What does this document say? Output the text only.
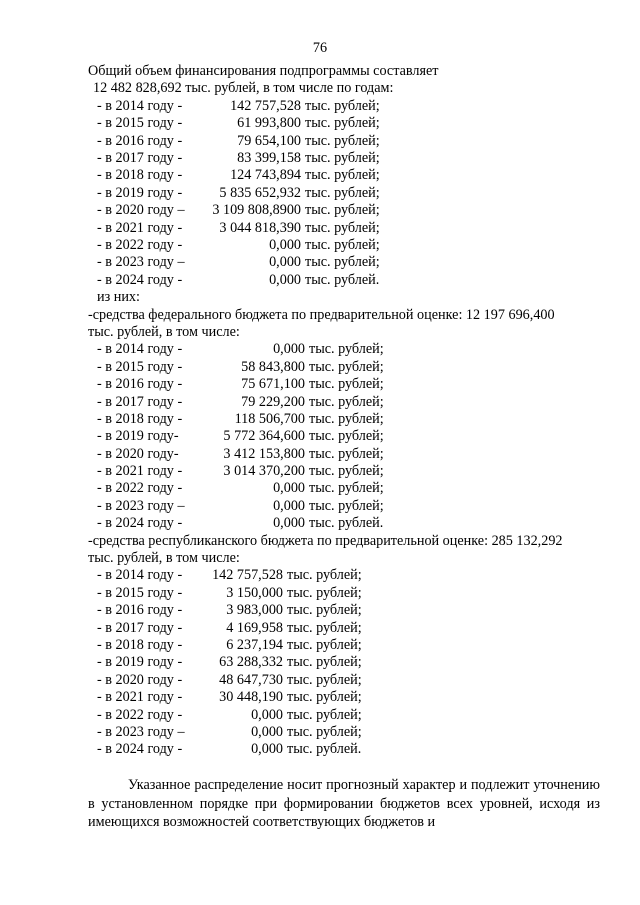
76
Общий объем финансирования подпрограммы составляет
12 482 828,692 тыс. рублей, в том числе по годам:
- в 2014 году -	142 757,528 тыс. рублей;
- в 2015 году -	61 993,800 тыс. рублей;
- в 2016 году -	79 654,100 тыс. рублей;
- в 2017 году -	83 399,158 тыс. рублей;
- в 2018 году -	124 743,894 тыс. рублей;
- в 2019 году -	5 835 652,932 тыс. рублей;
- в 2020 году –	3 109 808,8900 тыс. рублей;
- в 2021 году -	3 044 818,390 тыс. рублей;
- в 2022 году -	0,000 тыс. рублей;
- в 2023 году –	0,000 тыс. рублей;
- в 2024 году -	0,000 тыс. рублей.
из них:
-средства федерального бюджета по предварительной оценке: 12 197 696,400
тыс. рублей, в том числе:
- в 2014 году -	0,000 тыс. рублей;
- в 2015 году -	58 843,800 тыс. рублей;
- в 2016 году -	75 671,100 тыс. рублей;
- в 2017 году -	79 229,200 тыс. рублей;
- в 2018 году -	118 506,700 тыс. рублей;
- в 2019 году-	5 772 364,600 тыс. рублей;
- в 2020 году-	3 412 153,800 тыс. рублей;
- в 2021 году -	3 014 370,200 тыс. рублей;
- в 2022 году -	0,000 тыс. рублей;
- в 2023 году –	0,000 тыс. рублей;
- в 2024 году -	0,000 тыс. рублей.
-средства республиканского бюджета по предварительной оценке: 285 132,292
тыс. рублей, в том числе:
- в 2014 году -	142 757,528 тыс. рублей;
- в 2015 году -	3 150,000 тыс. рублей;
- в 2016 году -	3 983,000 тыс. рублей;
- в 2017 году -	4 169,958 тыс. рублей;
- в 2018 году -	6 237,194 тыс. рублей;
- в 2019 году -	63 288,332 тыс. рублей;
- в 2020 году -	48 647,730 тыс. рублей;
- в 2021 году -	30 448,190 тыс. рублей;
- в 2022 году -	0,000 тыс. рублей;
- в 2023 году –	0,000 тыс. рублей;
- в 2024 году -	0,000 тыс. рублей.
Указанное распределение носит прогнозный характер и подлежит уточнению в установленном порядке при формировании бюджетов всех уровней, исходя из имеющихся возможностей соответствующих бюджетов и
